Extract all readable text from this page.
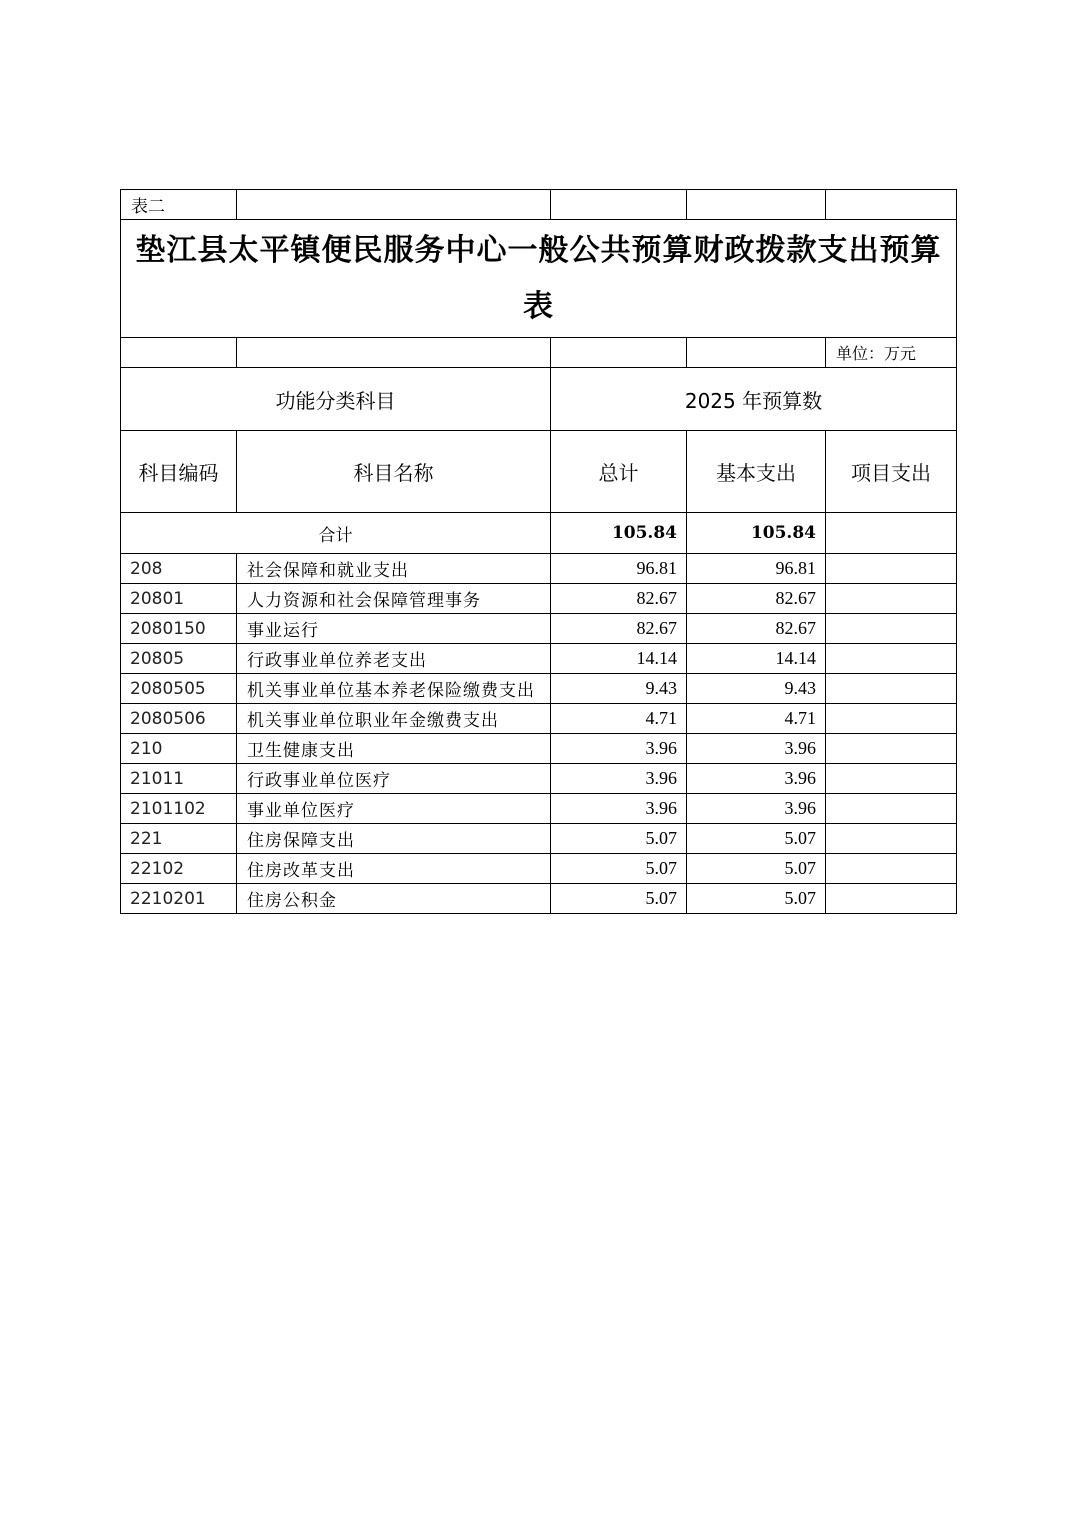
表二				
垫江县太平镇便民服务中心一般公共预算财政拨款支出预算表				
				单位：万元
功能分类科目		2025 年预算数		
科目编码	科目名称	总计	基本支出	项目支出
合计		105.84	105.84	
208	社会保障和就业支出	96.81	96.81	
20801	人力资源和社会保障管理事务	82.67	82.67	
2080150	事业运行	82.67	82.67	
20805	行政事业单位养老支出	14.14	14.14	
2080505	机关事业单位基本养老保险缴费支出	9.43	9.43	
2080506	机关事业单位职业年金缴费支出	4.71	4.71	
210	卫生健康支出	3.96	3.96	
21011	行政事业单位医疗	3.96	3.96	
2101102	事业单位医疗	3.96	3.96	
221	住房保障支出	5.07	5.07	
22102	住房改革支出	5.07	5.07	
2210201	住房公积金	5.07	5.07	
